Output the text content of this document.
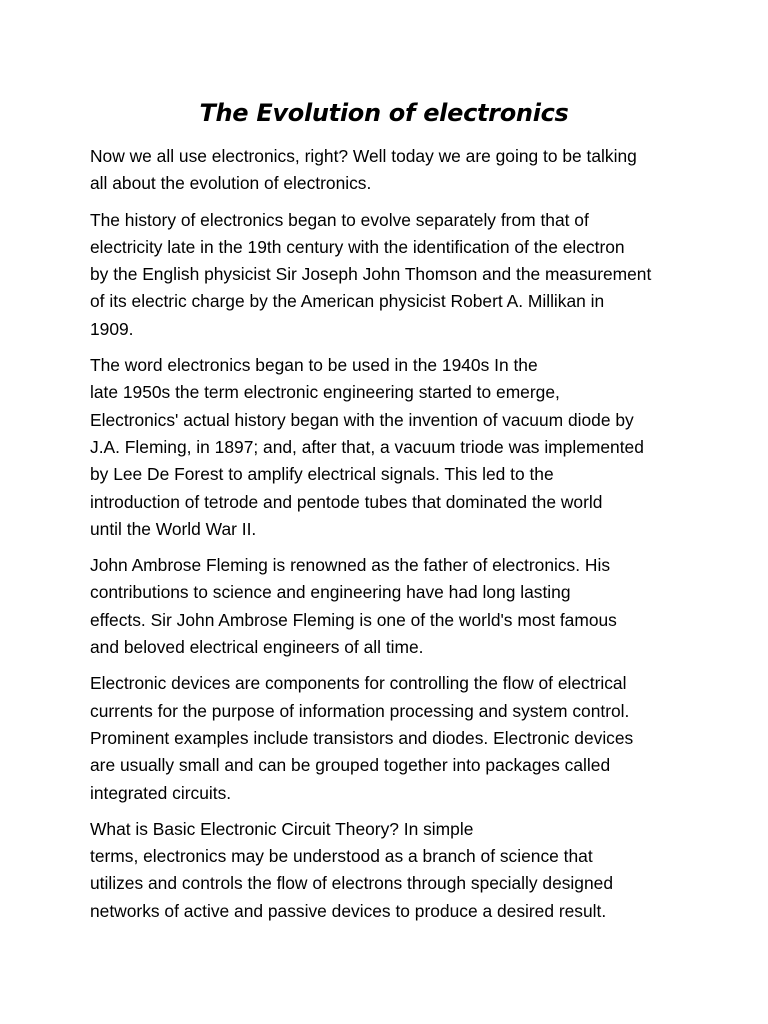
The Evolution of electronics

Now we all use electronics, right? Well today we are going to be talking
all about the evolution of electronics.

The history of electronics began to evolve separately from that of
electricity late in the 19th century with the identification of the electron
by the English physicist Sir Joseph John Thomson and the measurement
of its electric charge by the American physicist Robert A. Millikan in
1909.

The word electronics began to be used in the 1940s In the
late 1950s the term electronic engineering started to emerge,
Electronics' actual history began with the invention of vacuum diode by
J.A. Fleming, in 1897; and, after that, a vacuum triode was implemented
by Lee De Forest to amplify electrical signals. This led to the
introduction of tetrode and pentode tubes that dominated the world
until the World War II.

John Ambrose Fleming is renowned as the father of electronics. His
contributions to science and engineering have had long lasting
effects. Sir John Ambrose Fleming is one of the world's most famous
and beloved electrical engineers of all time.

Electronic devices are components for controlling the flow of electrical
currents for the purpose of information processing and system control.
Prominent examples include transistors and diodes. Electronic devices
are usually small and can be grouped together into packages called
integrated circuits.

What is Basic Electronic Circuit Theory? In simple
terms, electronics may be understood as a branch of science that
utilizes and controls the flow of electrons through specially designed
networks of active and passive devices to produce a desired result.
